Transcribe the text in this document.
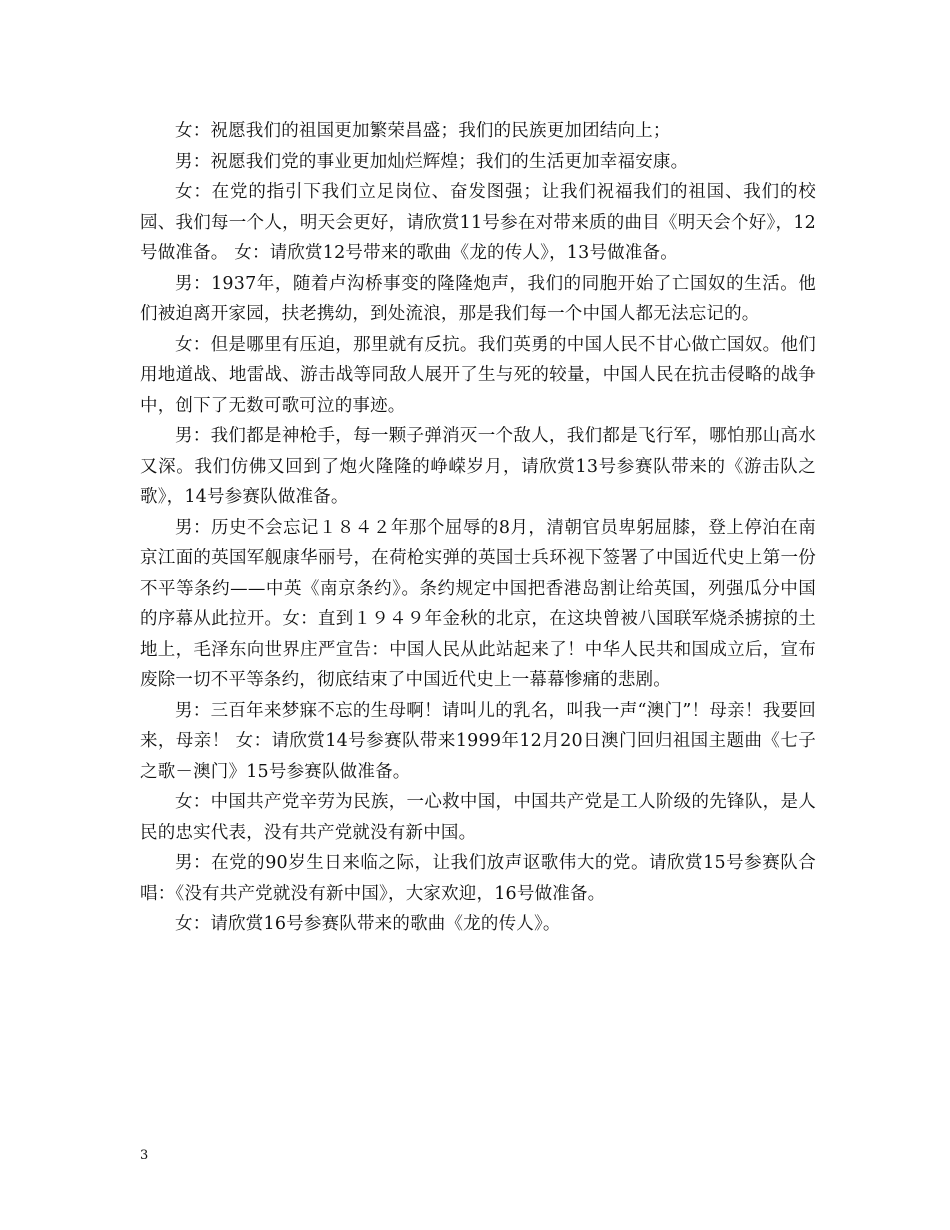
女：祝愿我们的祖国更加繁荣昌盛；我们的民族更加团结向上；

男：祝愿我们党的事业更加灿烂辉煌；我们的生活更加幸福安康。

女：在党的指引下我们立足岗位、奋发图强；让我们祝福我们的祖国、我们的校园、我们每一个人，明天会更好，请欣赏11号参在对带来质的曲目《明天会个好》，12号做准备。 女：请欣赏12号带来的歌曲《龙的传人》，13号做准备。

男：1937年，随着卢沟桥事变的隆隆炮声，我们的同胞开始了亡国奴的生活。他们被迫离开家园，扶老携幼，到处流浪，那是我们每一个中国人都无法忘记的。

女：但是哪里有压迫，那里就有反抗。我们英勇的中国人民不甘心做亡国奴。他们用地道战、地雷战、游击战等同敌人展开了生与死的较量，中国人民在抗击侵略的战争中，创下了无数可歌可泣的事迹。

男：我们都是神枪手，每一颗子弹消灭一个敌人，我们都是飞行军，哪怕那山高水又深。我们仿佛又回到了炮火隆隆的峥嵘岁月，请欣赏13号参赛队带来的《游击队之歌》，14号参赛队做准备。

男：历史不会忘记１８４２年那个屈辱的8月，清朝官员卑躬屈膝，登上停泊在南京江面的英国军舰康华丽号，在荷枪实弹的英国士兵环视下签署了中国近代史上第一份不平等条约——中英《南京条约》。条约规定中国把香港岛割让给英国，列强瓜分中国的序幕从此拉开。女：直到１９４９年金秋的北京，在这块曾被八国联军烧杀掳掠的土地上，毛泽东向世界庄严宣告：中国人民从此站起来了！中华人民共和国成立后，宣布废除一切不平等条约，彻底结束了中国近代史上一幕幕惨痛的悲剧。

男：三百年来梦寐不忘的生母啊！请叫儿的乳名，叫我一声“澳门”！母亲！我要回来，母亲！ 女：请欣赏14号参赛队带来1999年12月20日澳门回归祖国主题曲《七子之歌－澳门》15号参赛队做准备。

女：中国共产党辛劳为民族，一心救中国，中国共产党是工人阶级的先锋队，是人民的忠实代表，没有共产党就没有新中国。

男：在党的90岁生日来临之际，让我们放声讴歌伟大的党。请欣赏15号参赛队合唱：《没有共产党就没有新中国》，大家欢迎，16号做准备。

女：请欣赏16号参赛队带来的歌曲《龙的传人》。

3
